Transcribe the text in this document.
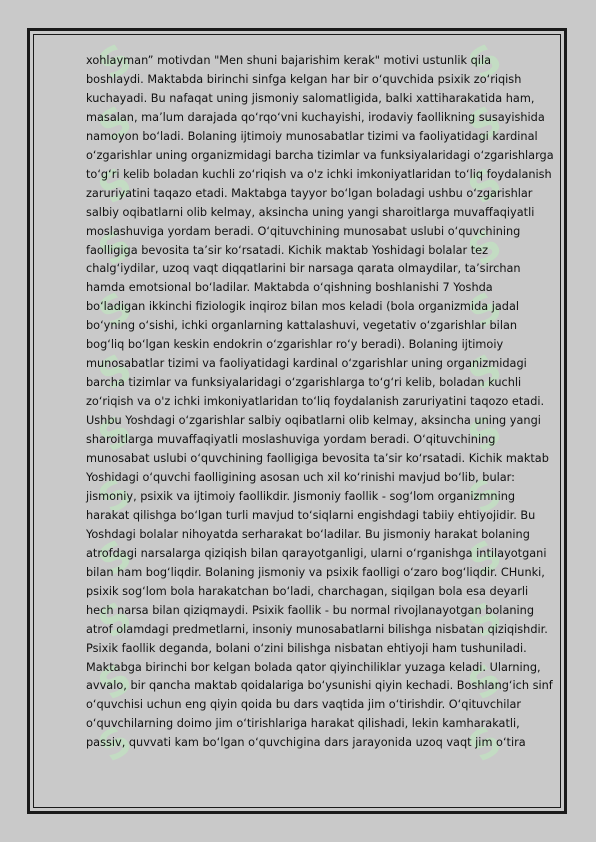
S
S
S
S
S
S
S
S
S
S
S
S
S
S
S
S
S
S
S
S
S
S
S
S
xohlayman” motivdan "Men shuni bajarishim kerak" motivi ustunlik qila
boshlaydi. Maktabda birinchi sinfga kelgan har bir o‘quvchida psixik zo‘riqish
kuchayadi. Bu nafaqat uning jismoniy salomatligida, balki xattiharakatida ham,
masalan, ma’lum darajada qo‘rqo‘vni kuchayishi, irodaviy faollikning susayishida
namoyon bo‘ladi. Bolaning ijtimoiy munosabatlar tizimi va faoliyatidagi kardinal
o‘zgarishlar uning organizmidagi barcha tizimlar va funksiyalaridagi o‘zgarishlarga
to‘g‘ri kelib boladan kuchli zo‘riqish va o'z ichki imkoniyatlaridan to‘liq foydalanish
zaruriyatini taqazo etadi. Maktabga tayyor bo‘lgan boladagi ushbu o‘zgarishlar
salbiy oqibatlarni olib kelmay, aksincha uning yangi sharoitlarga muvaffaqiyatli
moslashuviga yordam beradi. O‘qituvchining munosabat uslubi o‘quvchining
faolligiga bevosita ta’sir ko‘rsatadi. Kichik maktab Yoshidagi bolalar tez
chalg‘iydilar, uzoq vaqt diqqatlarini bir narsaga qarata olmaydilar, ta’sirchan
hamda emotsional bo‘ladilar. Maktabda o‘qishning boshlanishi 7 Yoshda
bo‘ladigan ikkinchi fiziologik inqiroz bilan mos keladi (bola organizmida jadal
bo‘yning o‘sishi, ichki organlarning kattalashuvi, vegetativ o‘zgarishlar bilan
bog‘liq bo‘lgan keskin endokrin o‘zgarishlar ro‘y beradi). Bolaning ijtimoiy
munosabatlar tizimi va faoliyatidagi kardinal o‘zgarishlar uning organizmidagi
barcha tizimlar va funksiyalaridagi o‘zgarishlarga to‘g‘ri kelib, boladan kuchli
zo‘riqish va o'z ichki imkoniyatlaridan to‘liq foydalanish zaruriyatini taqozo etadi.
Ushbu Yoshdagi o‘zgarishlar salbiy oqibatlarni olib kelmay, aksincha uning yangi
sharoitlarga muvaffaqiyatli moslashuviga yordam beradi. O‘qituvchining
munosabat uslubi o‘quvchining faolligiga bevosita ta’sir ko‘rsatadi. Kichik maktab
Yoshidagi o‘quvchi faolligining asosan uch xil ko‘rinishi mavjud bo‘lib, bular:
jismoniy, psixik va ijtimoiy faollikdir. Jismoniy faollik - sog‘lom organizmning
harakat qilishga bo‘lgan turli mavjud to‘siqlarni engishdagi tabiiy ehtiyojidir. Bu
Yoshdagi bolalar nihoyatda serharakat bo‘ladilar. Bu jismoniy harakat bolaning
atrofdagi narsalarga qiziqish bilan qarayotganligi, ularni o‘rganishga intilayotgani
bilan ham bog‘liqdir. Bolaning jismoniy va psixik faolligi o‘zaro bog‘liqdir. CHunki,
psixik sog‘lom bola harakatchan bo‘ladi, charchagan, siqilgan bola esa deyarli
hech narsa bilan qiziqmaydi. Psixik faollik - bu normal rivojlanayotgan bolaning
atrof olamdagi predmetlarni, insoniy munosabatlarni bilishga nisbatan qiziqishdir.
Psixik faollik deganda, bolani o‘zini bilishga nisbatan ehtiyoji ham tushuniladi.
Maktabga birinchi bor kelgan bolada qator qiyinchiliklar yuzaga keladi. Ularning,
avvalo, bir qancha maktab qoidalariga bo‘ysunishi qiyin kechadi. Boshlang‘ich sinf
o‘quvchisi uchun eng qiyin qoida bu dars vaqtida jim o‘tirishdir. O‘qituvchilar
o‘quvchilarning doimo jim o‘tirishlariga harakat qilishadi, lekin kamharakatli,
passiv, quvvati kam bo‘lgan o‘quvchigina dars jarayonida uzoq vaqt jim o‘tira
